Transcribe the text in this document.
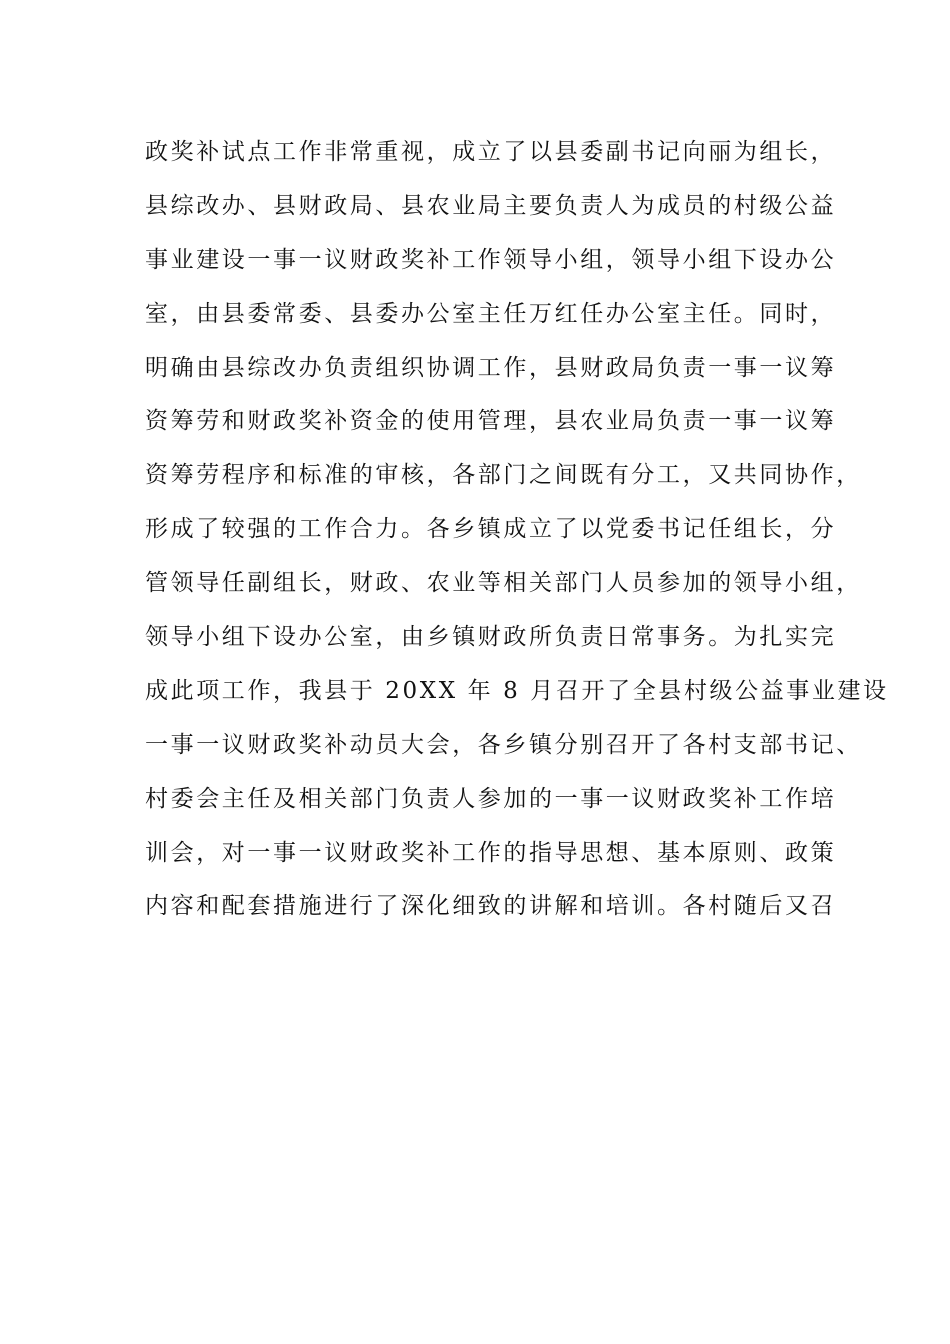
政奖补试点工作非常重视，成立了以县委副书记向丽为组长，
县综改办、县财政局、县农业局主要负责人为成员的村级公益
事业建设一事一议财政奖补工作领导小组，领导小组下设办公
室，由县委常委、县委办公室主任万红任办公室主任。同时，
明确由县综改办负责组织协调工作，县财政局负责一事一议筹
资筹劳和财政奖补资金的使用管理，县农业局负责一事一议筹
资筹劳程序和标准的审核，各部门之间既有分工，又共同协作，
形成了较强的工作合力。各乡镇成立了以党委书记任组长，分
管领导任副组长，财政、农业等相关部门人员参加的领导小组，
领导小组下设办公室，由乡镇财政所负责日常事务。为扎实完
成此项工作，我县于 20XX 年 8 月召开了全县村级公益事业建设
一事一议财政奖补动员大会，各乡镇分别召开了各村支部书记、
村委会主任及相关部门负责人参加的一事一议财政奖补工作培
训会，对一事一议财政奖补工作的指导思想、基本原则、政策
内容和配套措施进行了深化细致的讲解和培训。各村随后又召
